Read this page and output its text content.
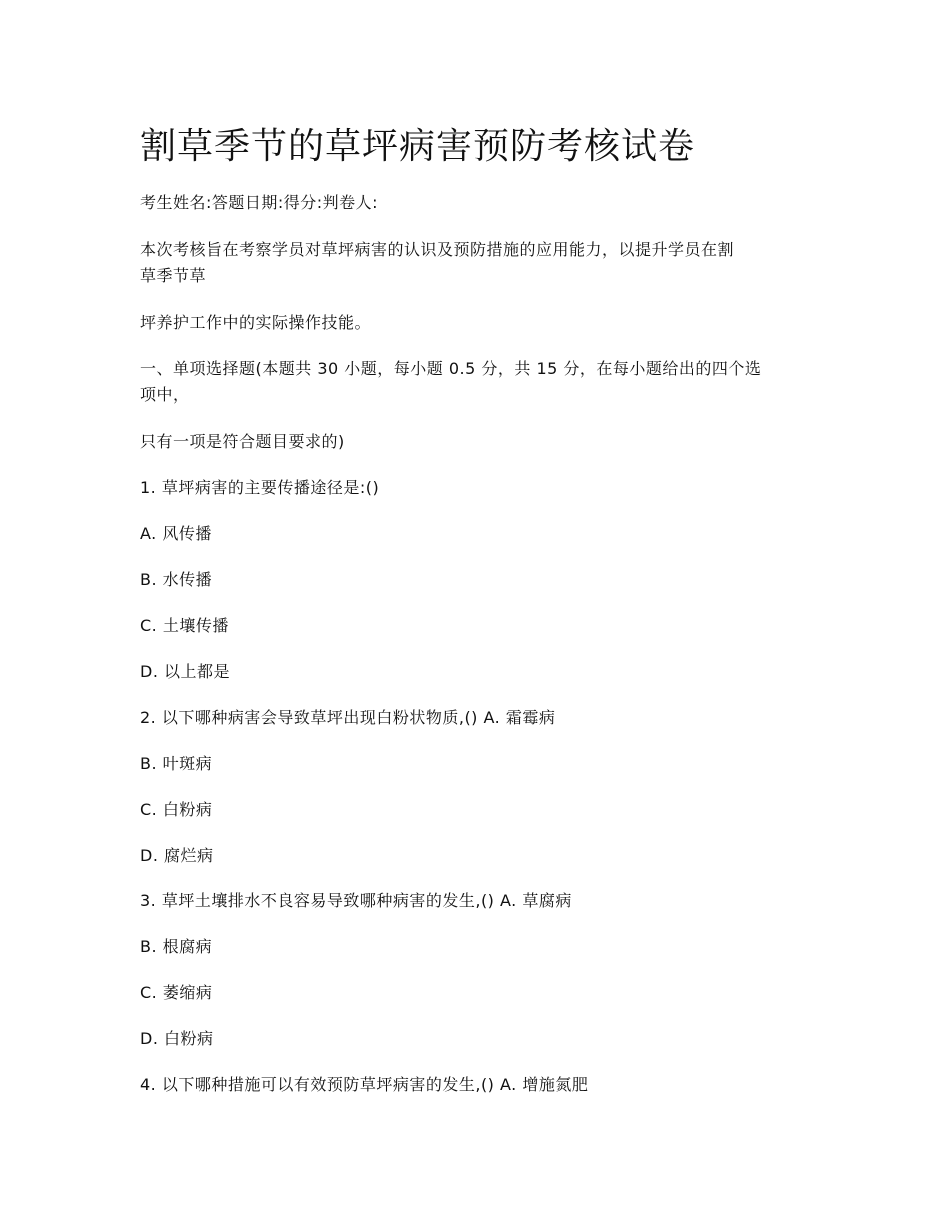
割草季节的草坪病害预防考核试卷

考生姓名:答题日期:得分:判卷人:

本次考核旨在考察学员对草坪病害的认识及预防措施的应用能力，以提升学员在割

草季节草

坪养护工作中的实际操作技能。

一、单项选择题(本题共 30 小题，每小题 0.5 分，共 15 分，在每小题给出的四个选

项中，

只有一项是符合题目要求的)

1. 草坪病害的主要传播途径是:()

A. 风传播

B. 水传播

C. 土壤传播

D. 以上都是

2. 以下哪种病害会导致草坪出现白粉状物质,() A. 霜霉病

B. 叶斑病

C. 白粉病

D. 腐烂病

3. 草坪土壤排水不良容易导致哪种病害的发生,() A. 草腐病

B. 根腐病

C. 萎缩病

D. 白粉病

4. 以下哪种措施可以有效预防草坪病害的发生,() A. 增施氮肥
